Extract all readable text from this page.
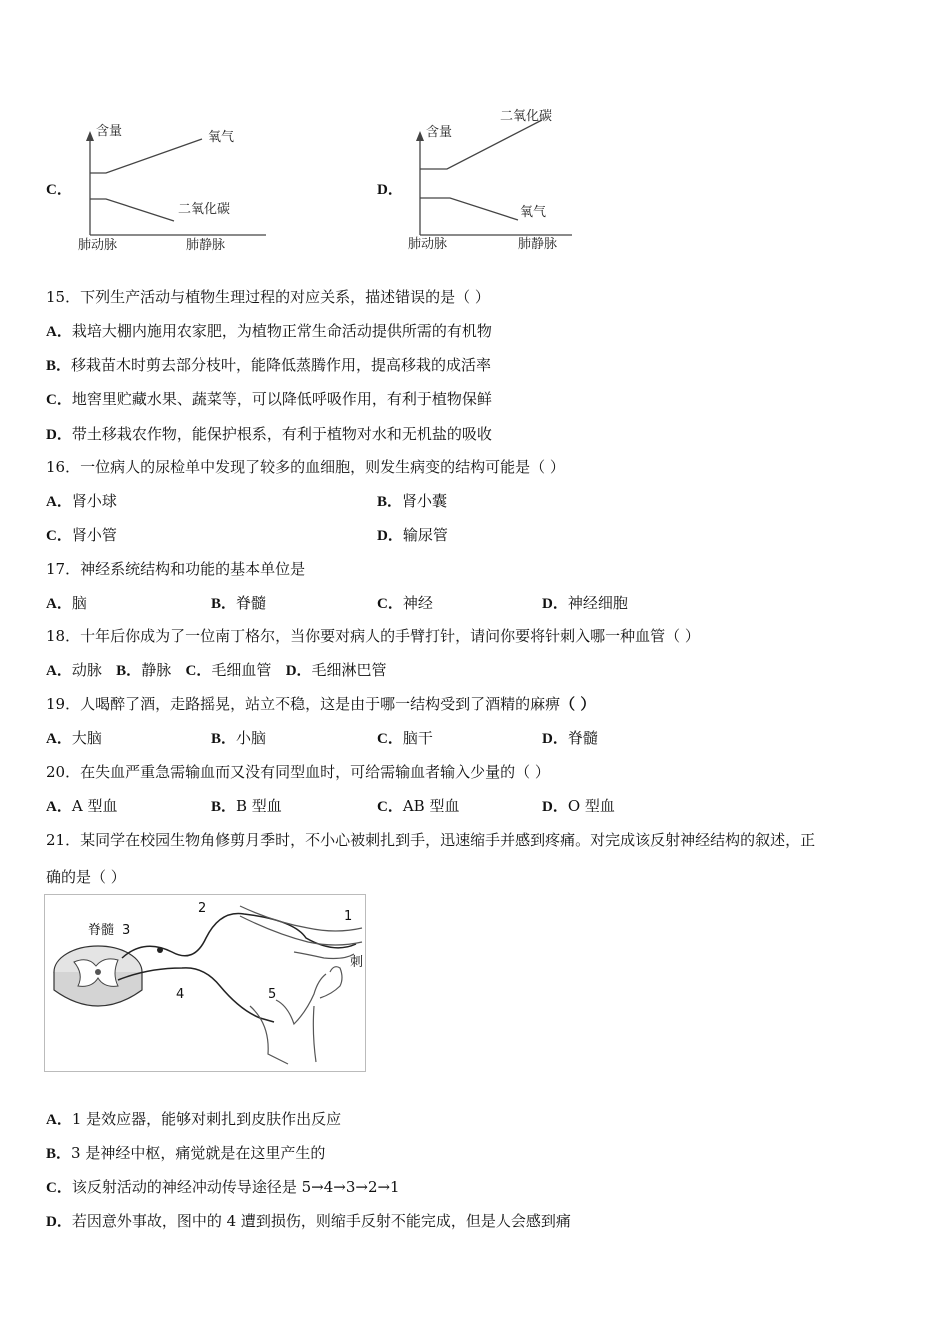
C．
含量	氧气
二氧化碳
肺动脉	肺静脉
D．
含量
二氧化碳
氧气
肺动脉	肺静脉
15．下列生产活动与植物生理过程的对应关系，描述错误的是（ ）
A．栽培大棚内施用农家肥，为植物正常生命活动提供所需的有机物
B．移栽苗木时剪去部分枝叶，能降低蒸腾作用，提高移栽的成活率
C．地窖里贮藏水果、蔬菜等，可以降低呼吸作用，有利于植物保鲜
D．带土移栽农作物，能保护根系，有利于植物对水和无机盐的吸收
16．一位病人的尿检单中发现了较多的血细胞，则发生病变的结构可能是（ ）
A．肾小球	B．肾小囊
C．肾小管	D．输尿管
17．神经系统结构和功能的基本单位是
A．脑	B．脊髓	C．神经	D．神经细胞
18．十年后你成为了一位南丁格尔，当你要对病人的手臂打针，请问你要将针刺入哪一种血管（ ）
A．动脉 B．静脉 C．毛细血管 D．毛细淋巴管
19．人喝醉了酒，走路摇晃，站立不稳，这是由于哪一结构受到了酒精的麻痹（ ）
A．大脑	B．小脑	C．脑干	D．脊髓
20．在失血严重急需输血而又没有同型血时，可给需输血者输入少量的（ ）
A．A 型血	B．B 型血	C．AB 型血	D．O 型血
21．某同学在校园生物角修剪月季时，不小心被刺扎到手，迅速缩手并感到疼痛。对完成该反射神经结构的叙述，正
确的是（ ）
脊髓
刺
1
2
3
4	5
A．1 是效应器，能够对刺扎到皮肤作出反应
B．3 是神经中枢，痛觉就是在这里产生的
C．该反射活动的神经冲动传导途径是 5→4→3→2→1
D．若因意外事故，图中的 4 遭到损伤，则缩手反射不能完成，但是人会感到痛
